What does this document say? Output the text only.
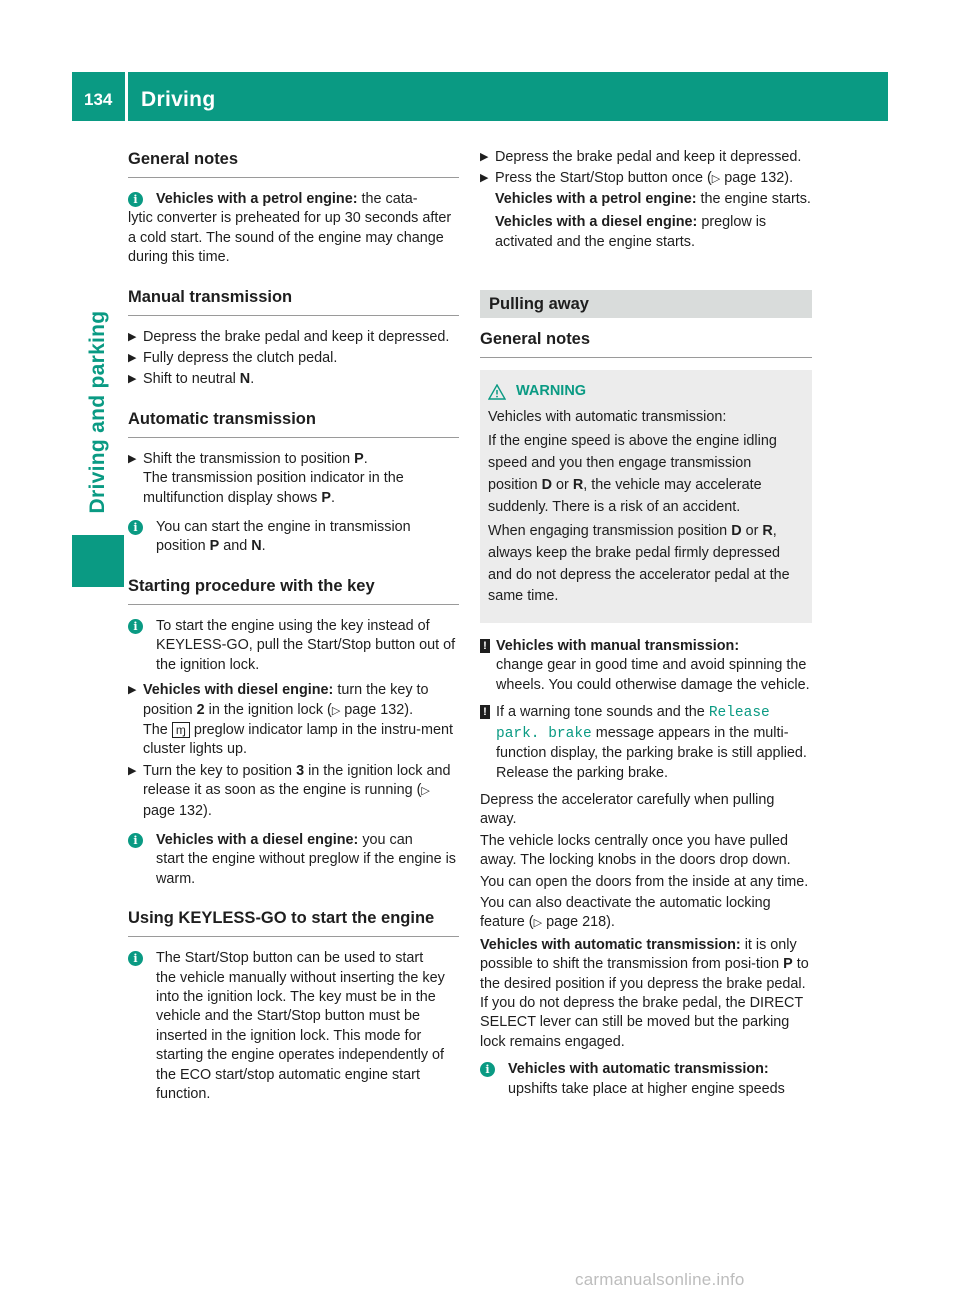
134 Driving
Driving and parking
General notes
i	Vehicles with a petrol engine: the cata-
lytic converter is preheated for up 30 seconds after a cold start. The sound of the engine may change during this time.
Manual transmission
▶ Depress the brake pedal and keep it depressed.
▶ Fully depress the clutch pedal.
▶ Shift to neutral N.
Automatic transmission
▶ Shift the transmission to position P.
The transmission position indicator in the multifunction display shows P.
i	You can start the engine in transmission
position P and N.
Starting procedure with the key
i	To start the engine using the key instead of
KEYLESS-GO, pull the Start/Stop button out of the ignition lock.
▶ Vehicles with diesel engine: turn the key to position 2 in the ignition lock (▷ page 132).
The ɱ preglow indicator lamp in the instru-ment cluster lights up.
▶ Turn the key to position 3 in the ignition lock and release it as soon as the engine is running (▷ page 132).
i	Vehicles with a diesel engine: you can
start the engine without preglow if the engine is warm.
Using KEYLESS-GO to start the engine
i	The Start/Stop button can be used to start
the vehicle manually without inserting the key into the ignition lock. The key must be in the vehicle and the Start/Stop button must be inserted in the ignition lock. This mode for starting the engine operates independently of the ECO start/stop automatic engine start function.
▶ Depress the brake pedal and keep it depressed.
▶ Press the Start/Stop button once (▷ page 132).
Vehicles with a petrol engine: the engine starts.
Vehicles with a diesel engine: preglow is activated and the engine starts.
Pulling away
General notes
WARNING

Vehicles with automatic transmission:

If the engine speed is above the engine idling speed and you then engage transmission position D or R, the vehicle may accelerate suddenly. There is a risk of an accident.

When engaging transmission position D or R, always keep the brake pedal firmly depressed and do not depress the accelerator pedal at the same time.

! Vehicles with manual transmission:
change gear in good time and avoid spinning the wheels. You could otherwise damage the vehicle.
! If a warning tone sounds and the Release
park. brake message appears in the multi-function display, the parking brake is still applied. Release the parking brake.
Depress the accelerator carefully when pulling away.
The vehicle locks centrally once you have pulled away. The locking knobs in the doors drop down.
You can open the doors from the inside at any time.
You can also deactivate the automatic locking feature (▷ page 218).
Vehicles with automatic transmission: it is only possible to shift the transmission from posi-tion P to the desired position if you depress the brake pedal. If you do not depress the brake pedal, the DIRECT SELECT lever can still be moved but the parking lock remains engaged.
i	Vehicles with automatic transmission:
upshifts take place at higher engine speeds
carmanualsonline.info
